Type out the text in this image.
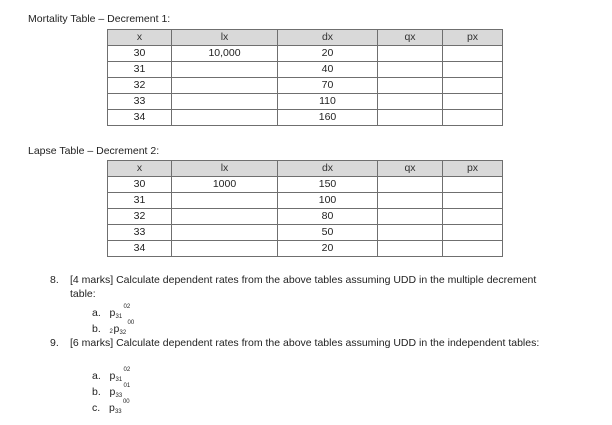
Mortality Table – Decrement 1:
x	lx	dx	qx	px
30	10,000	20		
31		40		
32		70		
33		110		
34		160		
Lapse Table – Decrement 2:
x	lx	dx	qx	px
30	1000	150		
31		100		
32		80		
33		50		
34		20		
8. [4 marks] Calculate dependent rates from the above tables assuming UDD in the multiple decrement table:
a. p 31
02
b. 2 p 32
00
9. [6 marks] Calculate dependent rates from the above tables assuming UDD in the independent tables:
a. p 31
02
b. p 33
01
c. p 33
00
